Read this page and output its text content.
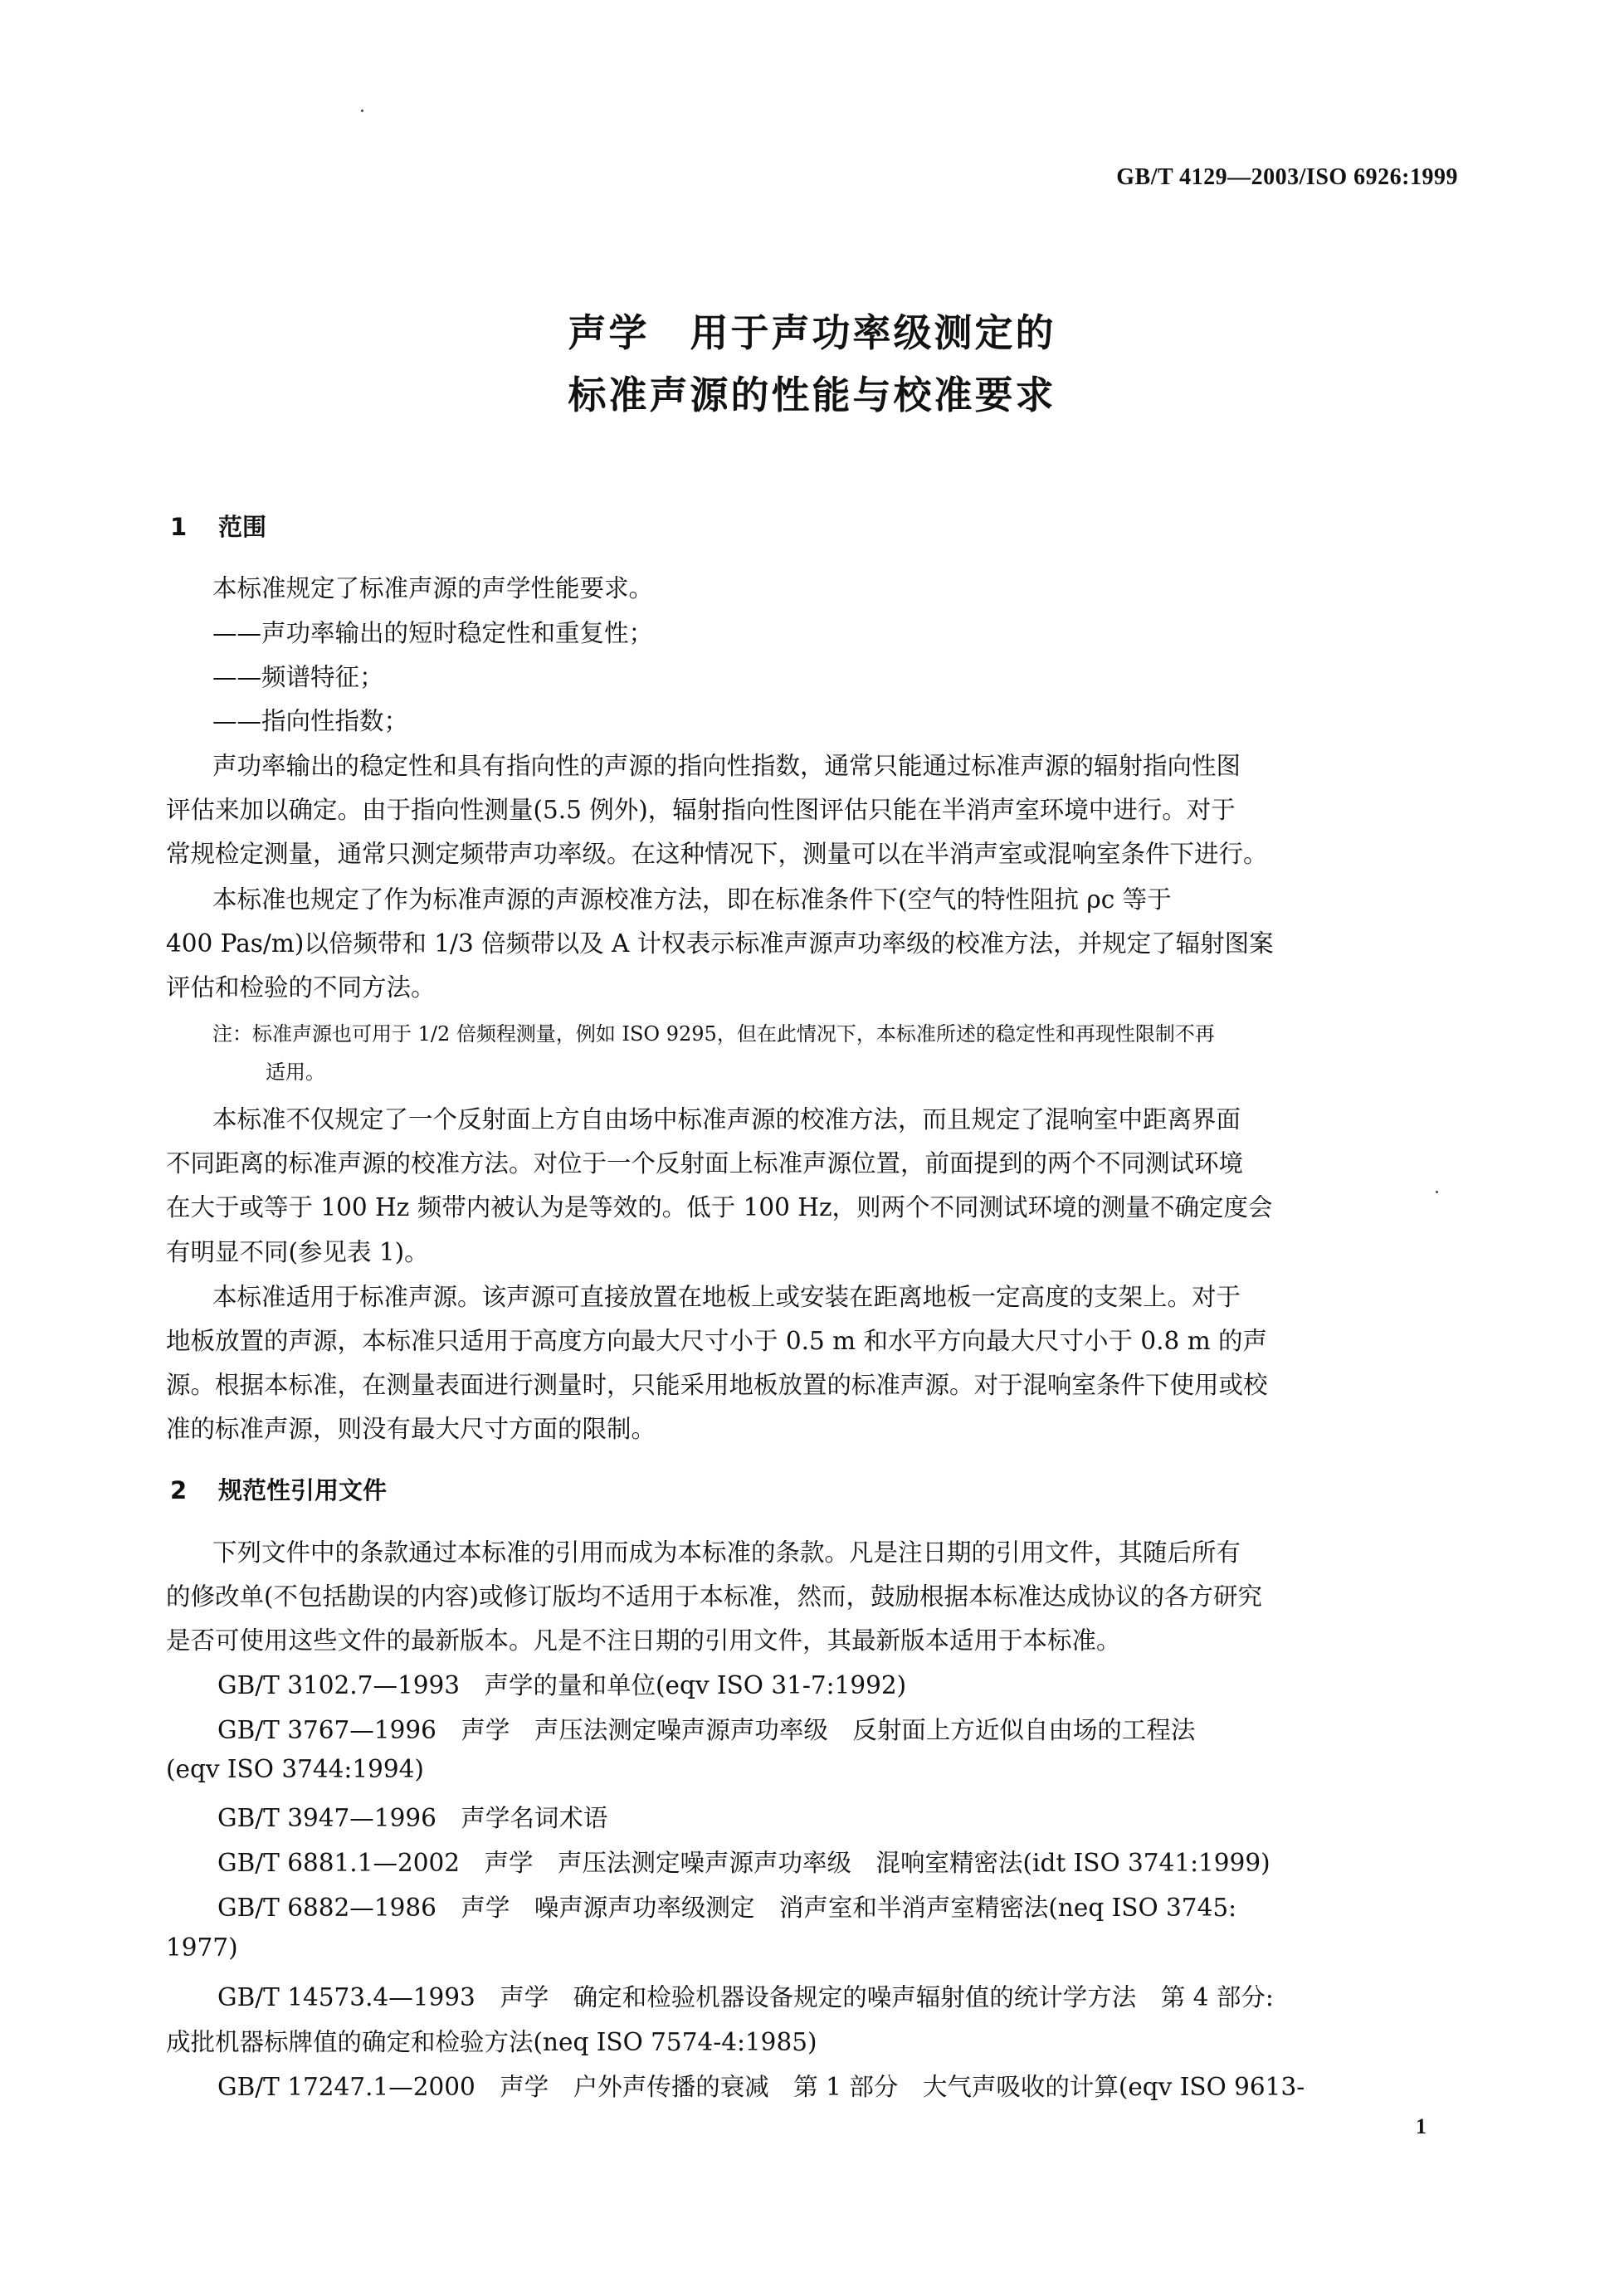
GB/T 4129—2003/ISO 6926:1999
声学　用于声功率级测定的
标准声源的性能与校准要求
1 范围
本标准规定了标准声源的声学性能要求。
——声功率输出的短时稳定性和重复性；
——频谱特征；
——指向性指数；
声功率输出的稳定性和具有指向性的声源的指向性指数，通常只能通过标准声源的辐射指向性图
评估来加以确定。由于指向性测量(5.5 例外)，辐射指向性图评估只能在半消声室环境中进行。对于
常规检定测量，通常只测定频带声功率级。在这种情况下，测量可以在半消声室或混响室条件下进行。
本标准也规定了作为标准声源的声源校准方法，即在标准条件下(空气的特性阻抗 ρc 等于
400 Pas/m)以倍频带和 1/3 倍频带以及 A 计权表示标准声源声功率级的校准方法，并规定了辐射图案
评估和检验的不同方法。
注：标准声源也可用于 1/2 倍频程测量，例如 ISO 9295，但在此情况下，本标准所述的稳定性和再现性限制不再
适用。
本标准不仅规定了一个反射面上方自由场中标准声源的校准方法，而且规定了混响室中距离界面
不同距离的标准声源的校准方法。对位于一个反射面上标准声源位置，前面提到的两个不同测试环境
在大于或等于 100 Hz 频带内被认为是等效的。低于 100 Hz，则两个不同测试环境的测量不确定度会
有明显不同(参见表 1)。
本标准适用于标准声源。该声源可直接放置在地板上或安装在距离地板一定高度的支架上。对于
地板放置的声源，本标准只适用于高度方向最大尺寸小于 0.5 m 和水平方向最大尺寸小于 0.8 m 的声
源。根据本标准，在测量表面进行测量时，只能采用地板放置的标准声源。对于混响室条件下使用或校
准的标准声源，则没有最大尺寸方面的限制。
2 规范性引用文件
下列文件中的条款通过本标准的引用而成为本标准的条款。凡是注日期的引用文件，其随后所有
的修改单(不包括勘误的内容)或修订版均不适用于本标准，然而，鼓励根据本标准达成协议的各方研究
是否可使用这些文件的最新版本。凡是不注日期的引用文件，其最新版本适用于本标准。
GB/T 3102.7—1993　声学的量和单位(eqv ISO 31-7:1992)
GB/T 3767—1996　声学　声压法测定噪声源声功率级　反射面上方近似自由场的工程法
(eqv ISO 3744:1994)
GB/T 3947—1996　声学名词术语
GB/T 6881.1—2002　声学　声压法测定噪声源声功率级　混响室精密法(idt ISO 3741:1999)
GB/T 6882—1986　声学　噪声源声功率级测定　消声室和半消声室精密法(neq ISO 3745:
1977)
GB/T 14573.4—1993　声学　确定和检验机器设备规定的噪声辐射值的统计学方法　第 4 部分:
成批机器标牌值的确定和检验方法(neq ISO 7574-4:1985)
GB/T 17247.1—2000　声学　户外声传播的衰减　第 1 部分　大气声吸收的计算(eqv ISO 9613-
1
